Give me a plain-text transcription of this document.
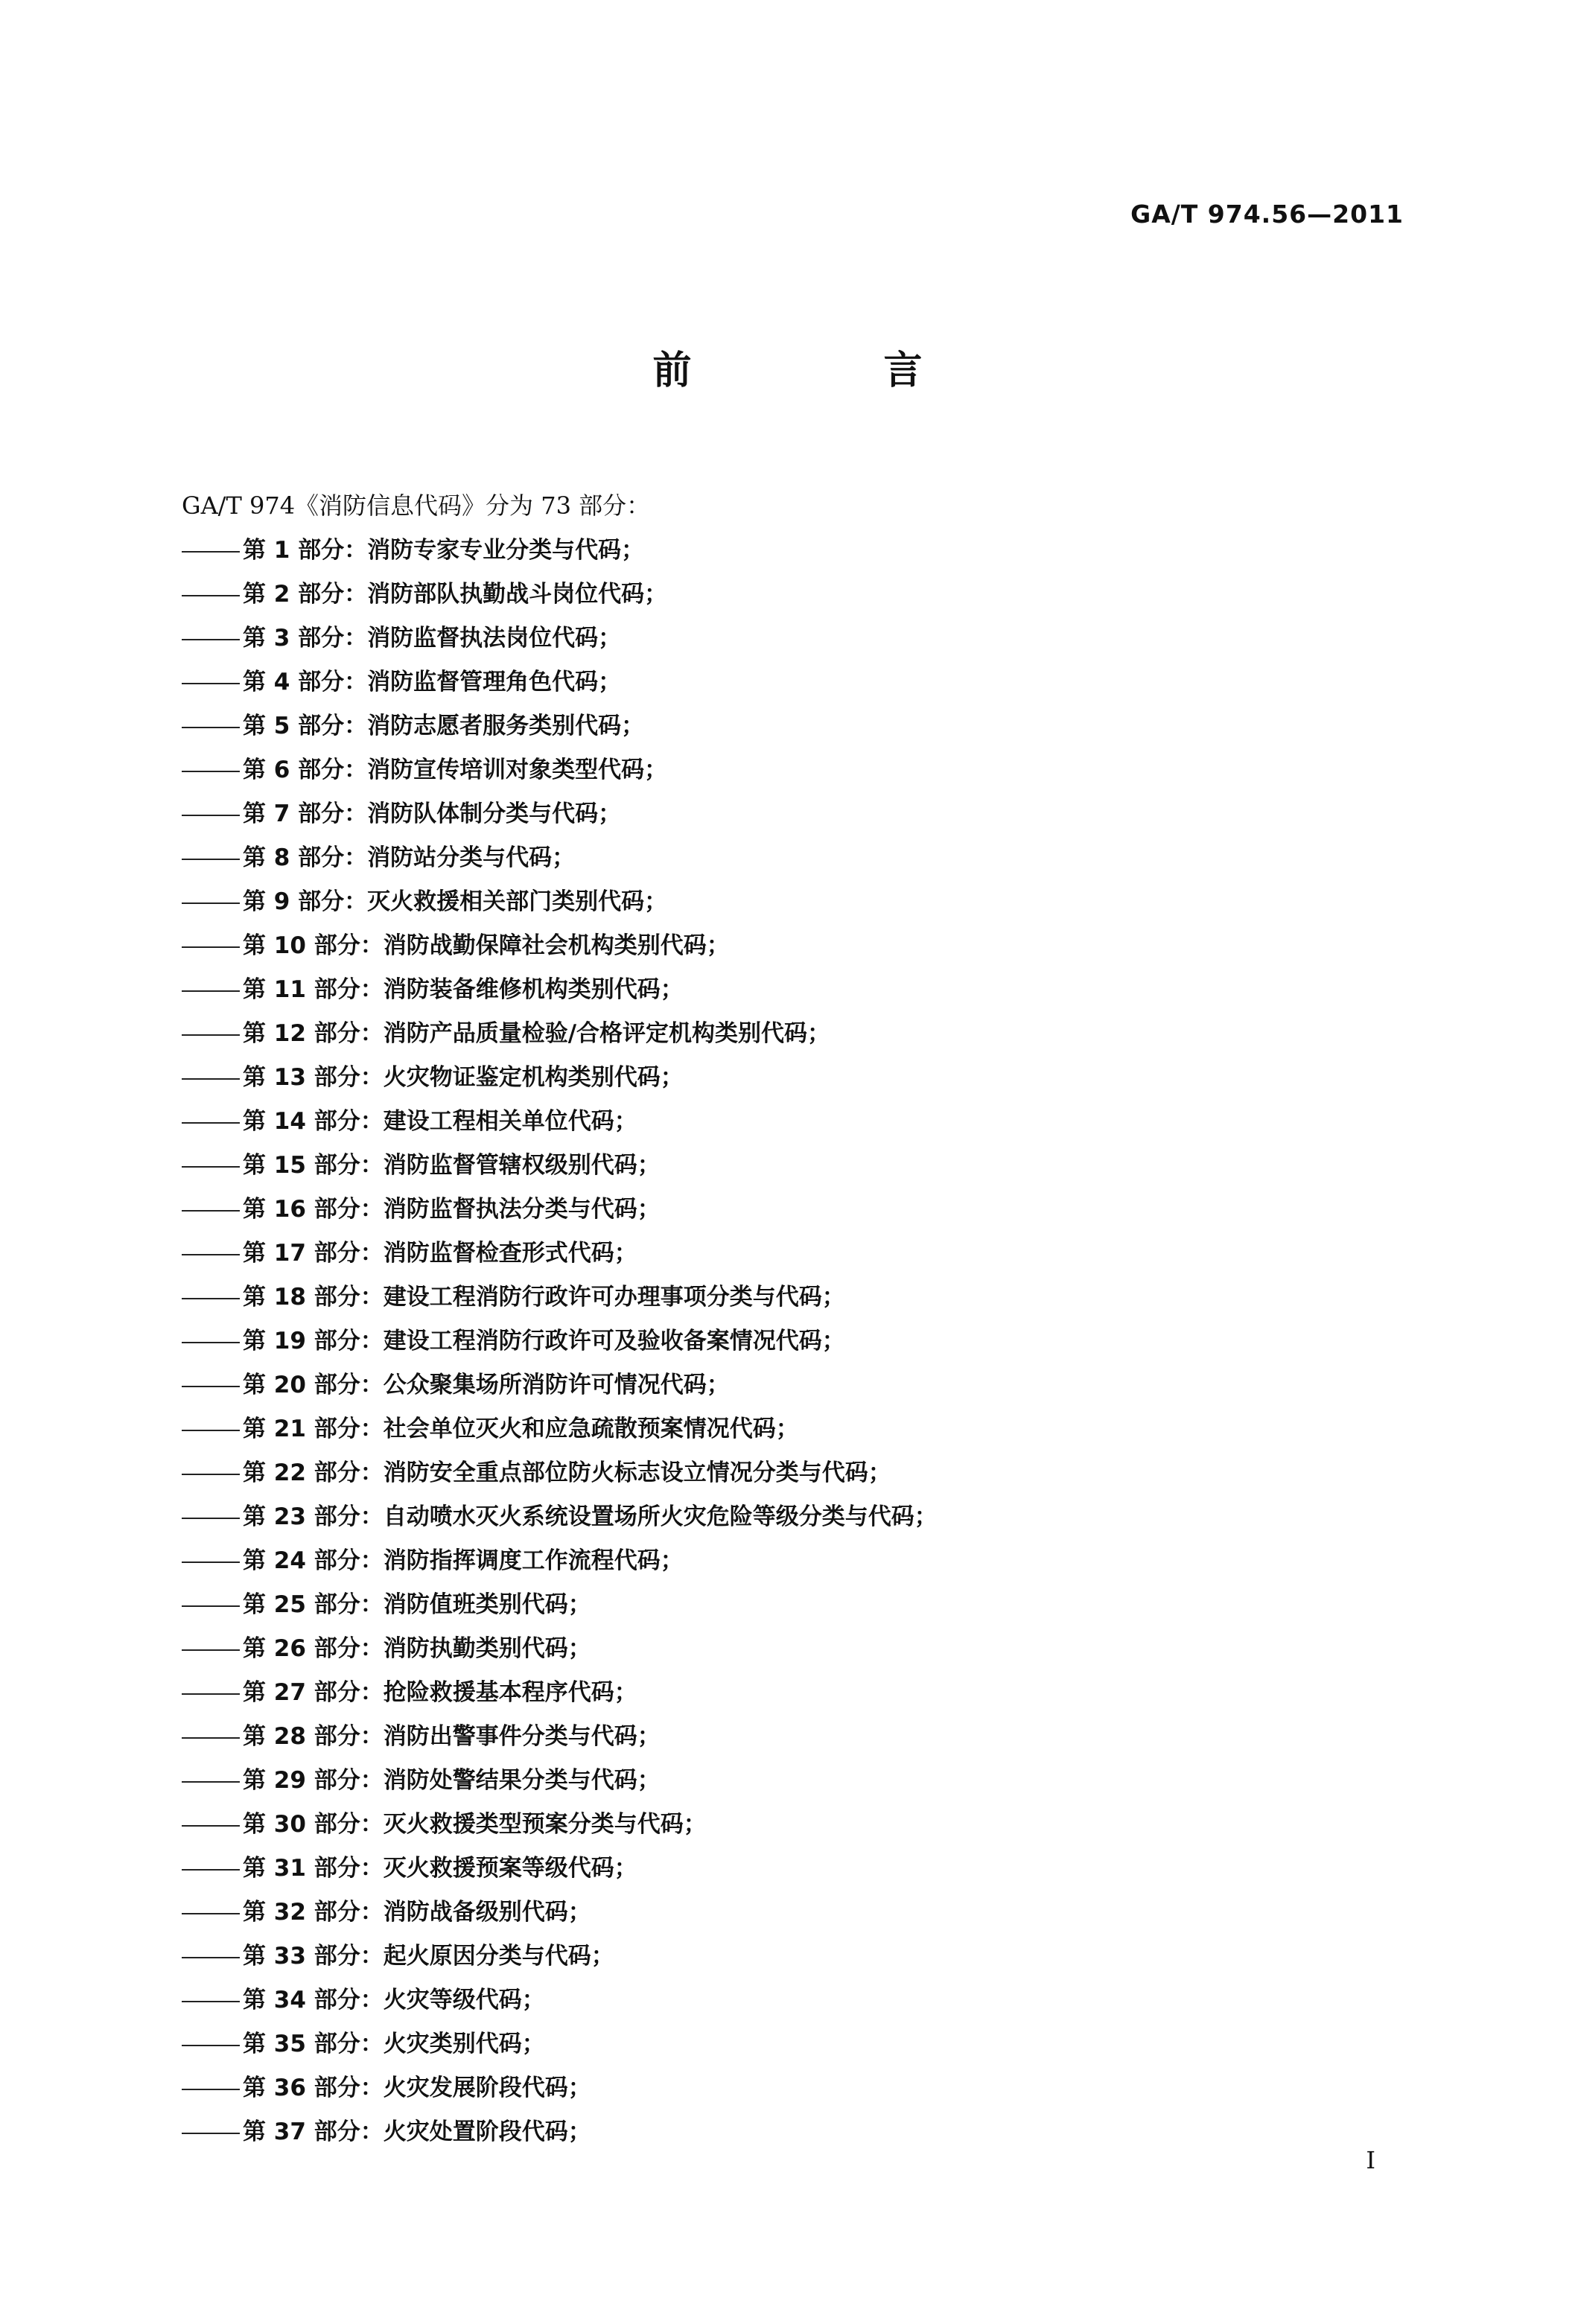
GA/T 974.56—2011
前 言
GA/T 974《消防信息代码》分为 73 部分：
第 1 部分 ：消防专家专业分类与代码；
第 2 部分 ：消防部队执勤战斗岗位代码；
第 3 部分 ：消防监督执法岗位代码；
第 4 部分 ：消防监督管理角色代码；
第 5 部分 ：消防志愿者服务类别代码；
第 6 部分 ：消防宣传培训对象类型代码；
第 7 部分 ：消防队体制分类与代码；
第 8 部分 ：消防站分类与代码；
第 9 部分 ：灭火救援相关部门类别代码；
第 10 部分 ：消防战勤保障社会机构类别代码；
第 11 部分 ：消防装备维修机构类别代码；
第 12 部分 ：消防产品质量检验/合格评定机构类别代码；
第 13 部分 ：火灾物证鉴定机构类别代码；
第 14 部分 ：建设工程相关单位代码；
第 15 部分 ：消防监督管辖权级别代码；
第 16 部分 ：消防监督执法分类与代码；
第 17 部分 ：消防监督检查形式代码；
第 18 部分 ：建设工程消防行政许可办理事项分类与代码；
第 19 部分 ：建设工程消防行政许可及验收备案情况代码；
第 20 部分 ：公众聚集场所消防许可情况代码；
第 21 部分 ：社会单位灭火和应急疏散预案情况代码；
第 22 部分 ：消防安全重点部位防火标志设立情况分类与代码；
第 23 部分 ：自动喷水灭火系统设置场所火灾危险等级分类与代码；
第 24 部分 ：消防指挥调度工作流程代码；
第 25 部分 ：消防值班类别代码；
第 26 部分 ：消防执勤类别代码；
第 27 部分 ：抢险救援基本程序代码；
第 28 部分 ：消防出警事件分类与代码；
第 29 部分 ：消防处警结果分类与代码；
第 30 部分 ：灭火救援类型预案分类与代码；
第 31 部分 ：灭火救援预案等级代码；
第 32 部分 ：消防战备级别代码；
第 33 部分 ：起火原因分类与代码；
第 34 部分 ：火灾等级代码；
第 35 部分 ：火灾类别代码；
第 36 部分 ：火灾发展阶段代码；
第 37 部分 ：火灾处置阶段代码；
I
